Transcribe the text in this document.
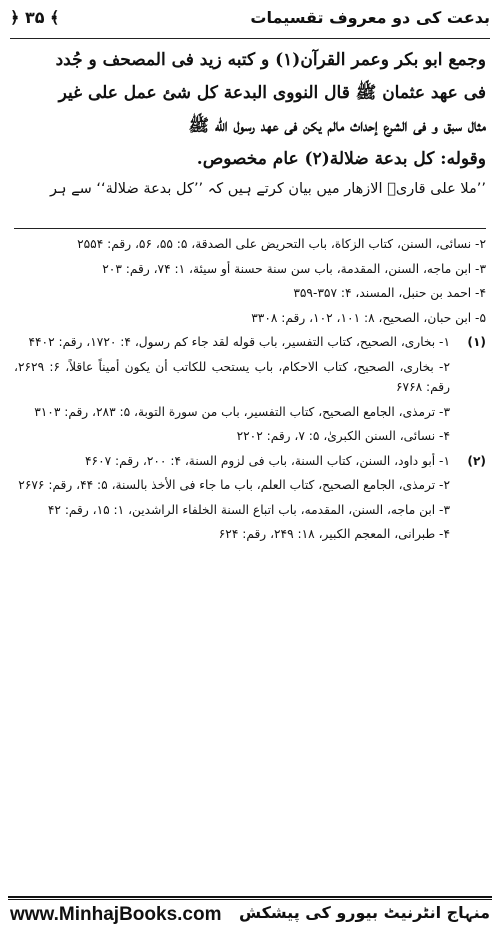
بدعت کی دو معروف تقسیمات
﴿ ۳۵ ﴾

وجمع ابو بکر وعمر القرآن(۱) و کتبه زید فی المصحف و جُدد

فی عهد عثمان ﷺ قال النووی البدعة کل شئ عمل علی غیر

مثال سبق و فی الشرع إحداث مالم یکن فی عهد رسول الله ﷺ

وقوله: کل بدعة ضلالة(۲) عام مخصوص.

’’ملا علی قاریؒ الازهار میں بیان کرتے ہیں کہ ’’کل بدعة ضلالة‘‘ سے ہر

۲- نسائی، السنن، کتاب الزکاة، باب التحریض علی الصدقة، ۵: ۵۵، ۵۶، رقم: ۲۵۵۴

۳- ابن ماجه، السنن، المقدمة، باب سن سنة حسنة أو سیئة، ۱: ۷۴، رقم: ۲۰۳

۴- احمد بن حنبل، المسند، ۴: ۳۵۷-۳۵۹

۵- ابن حبان، الصحیح، ۸: ۱۰۱، ۱۰۲، رقم: ۳۳۰۸

(۱)
۱- بخاری، الصحیح، کتاب التفسیر، باب قوله لقد جاء کم رسول، ۴: ۱۷۲۰، رقم: ۴۴۰۲

۲- بخاری، الصحیح، کتاب الاحکام، باب یستحب للکاتب أن یکون أمیناً عاقلاً، ۶: ۲۶۲۹، رقم: ۶۷۶۸

۳- ترمذی، الجامع الصحیح، کتاب التفسیر، باب من سورة التوبة، ۵: ۲۸۳، رقم: ۳۱۰۳

۴- نسائی، السنن الکبریٰ، ۵: ۷، رقم: ۲۲۰۲

(۲)
۱- أبو داود، السنن، کتاب السنة، باب فی لزوم السنة، ۴: ۲۰۰، رقم: ۴۶۰۷

۲- ترمذی، الجامع الصحیح، کتاب العلم، باب ما جاء فی الأخذ بالسنة، ۵: ۴۴، رقم: ۲۶۷۶

۳- ابن ماجه، السنن، المقدمه، باب اتباع السنة الخلفاء الراشدین، ۱: ۱۵، رقم: ۴۲

۴- طبرانی، المعجم الکبیر، ۱۸: ۲۴۹، رقم: ۶۲۴

www.MinhajBooks.com منہاج انٹرنیٹ بیورو کی پیشکش
